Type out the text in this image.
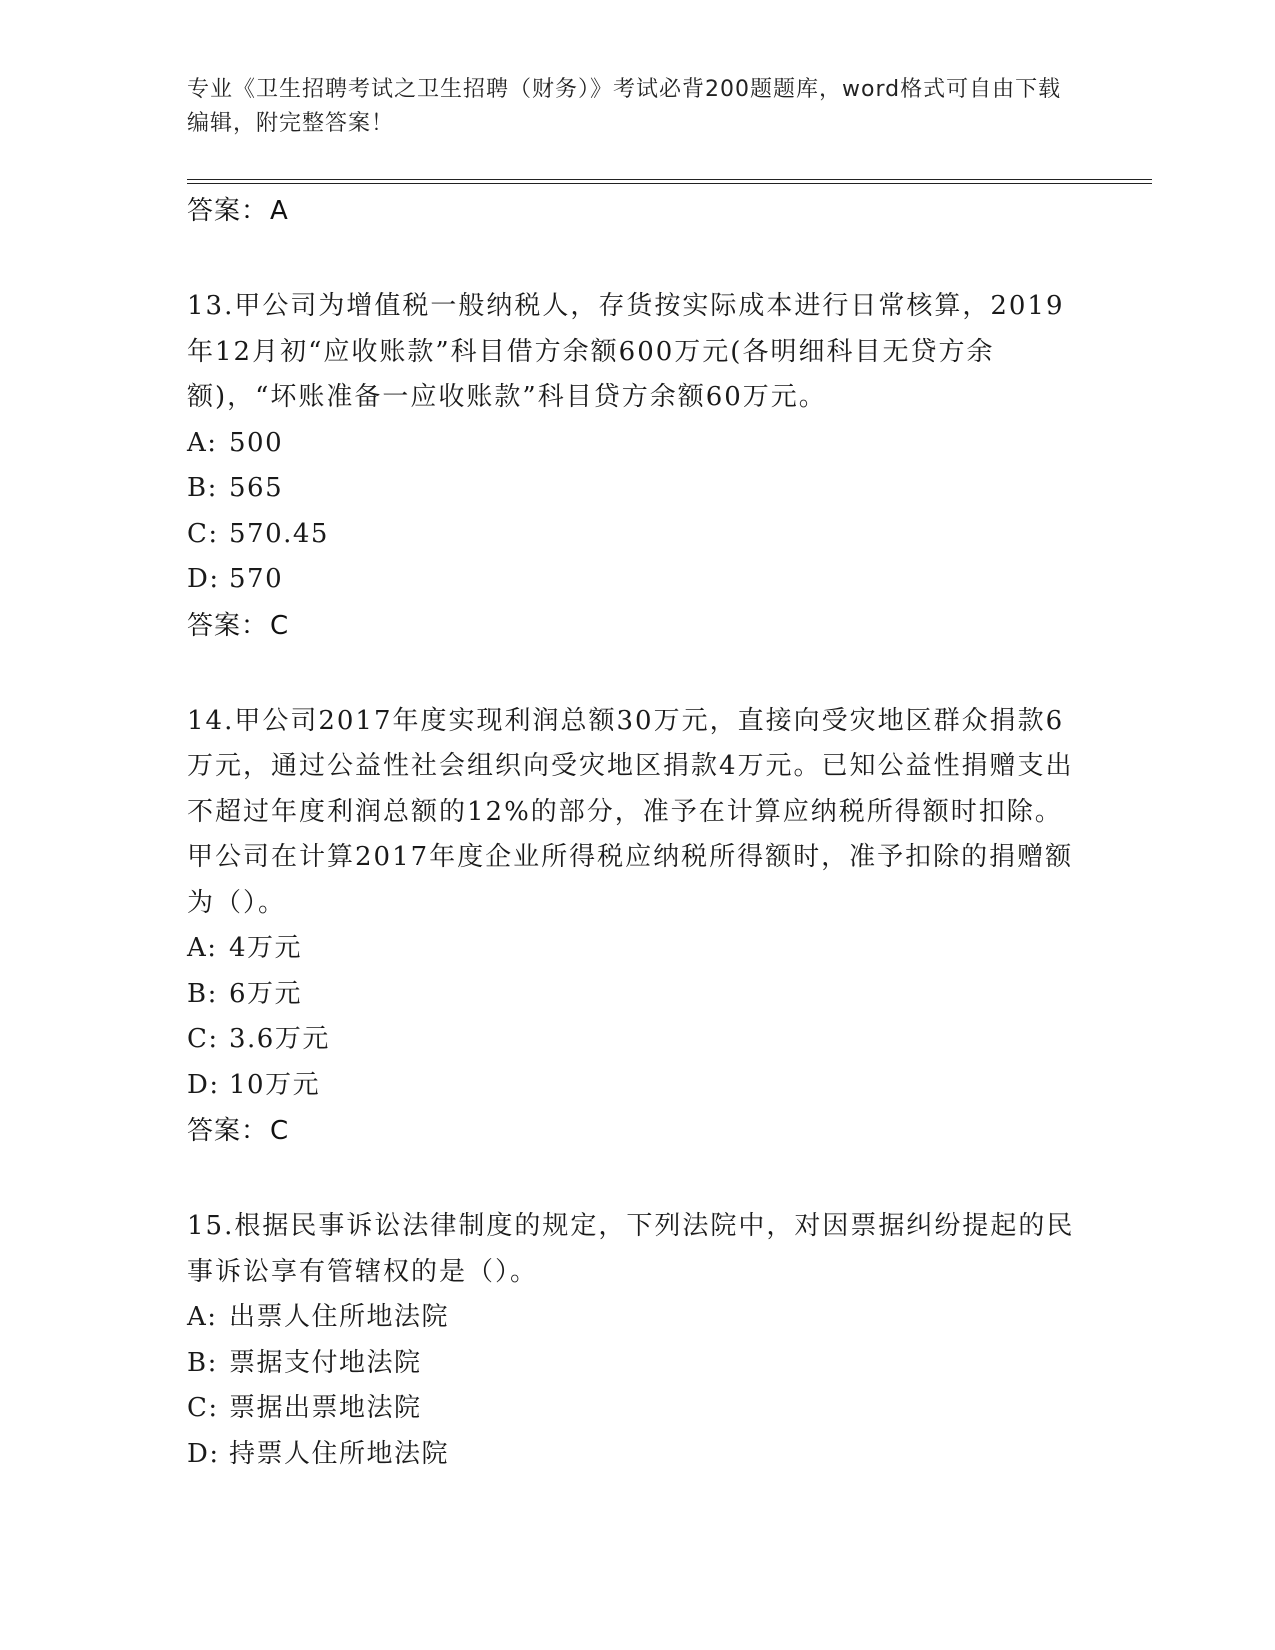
专业《卫生招聘考试之卫生招聘（财务）》考试必背200题题库，word格式可自由下载编辑，附完整答案！
答案：A
13.甲公司为增值税一般纳税人，存货按实际成本进行日常核算，2019年12月初“应收账款”科目借方余额600万元(各明细科目无贷方余额)，“坏账准备一应收账款”科目贷方余额60万元。
A: 500
B: 565
C: 570.45
D: 570
答案：C
14.甲公司2017年度实现利润总额30万元，直接向受灾地区群众捐款6万元，通过公益性社会组织向受灾地区捐款4万元。已知公益性捐赠支出不超过年度利润总额的12%的部分，准予在计算应纳税所得额时扣除。甲公司在计算2017年度企业所得税应纳税所得额时，准予扣除的捐赠额为（）。
A: 4万元
B: 6万元
C: 3.6万元
D: 10万元
答案：C
15.根据民事诉讼法律制度的规定，下列法院中，对因票据纠纷提起的民事诉讼享有管辖权的是（）。
A: 出票人住所地法院
B: 票据支付地法院
C: 票据出票地法院
D: 持票人住所地法院
